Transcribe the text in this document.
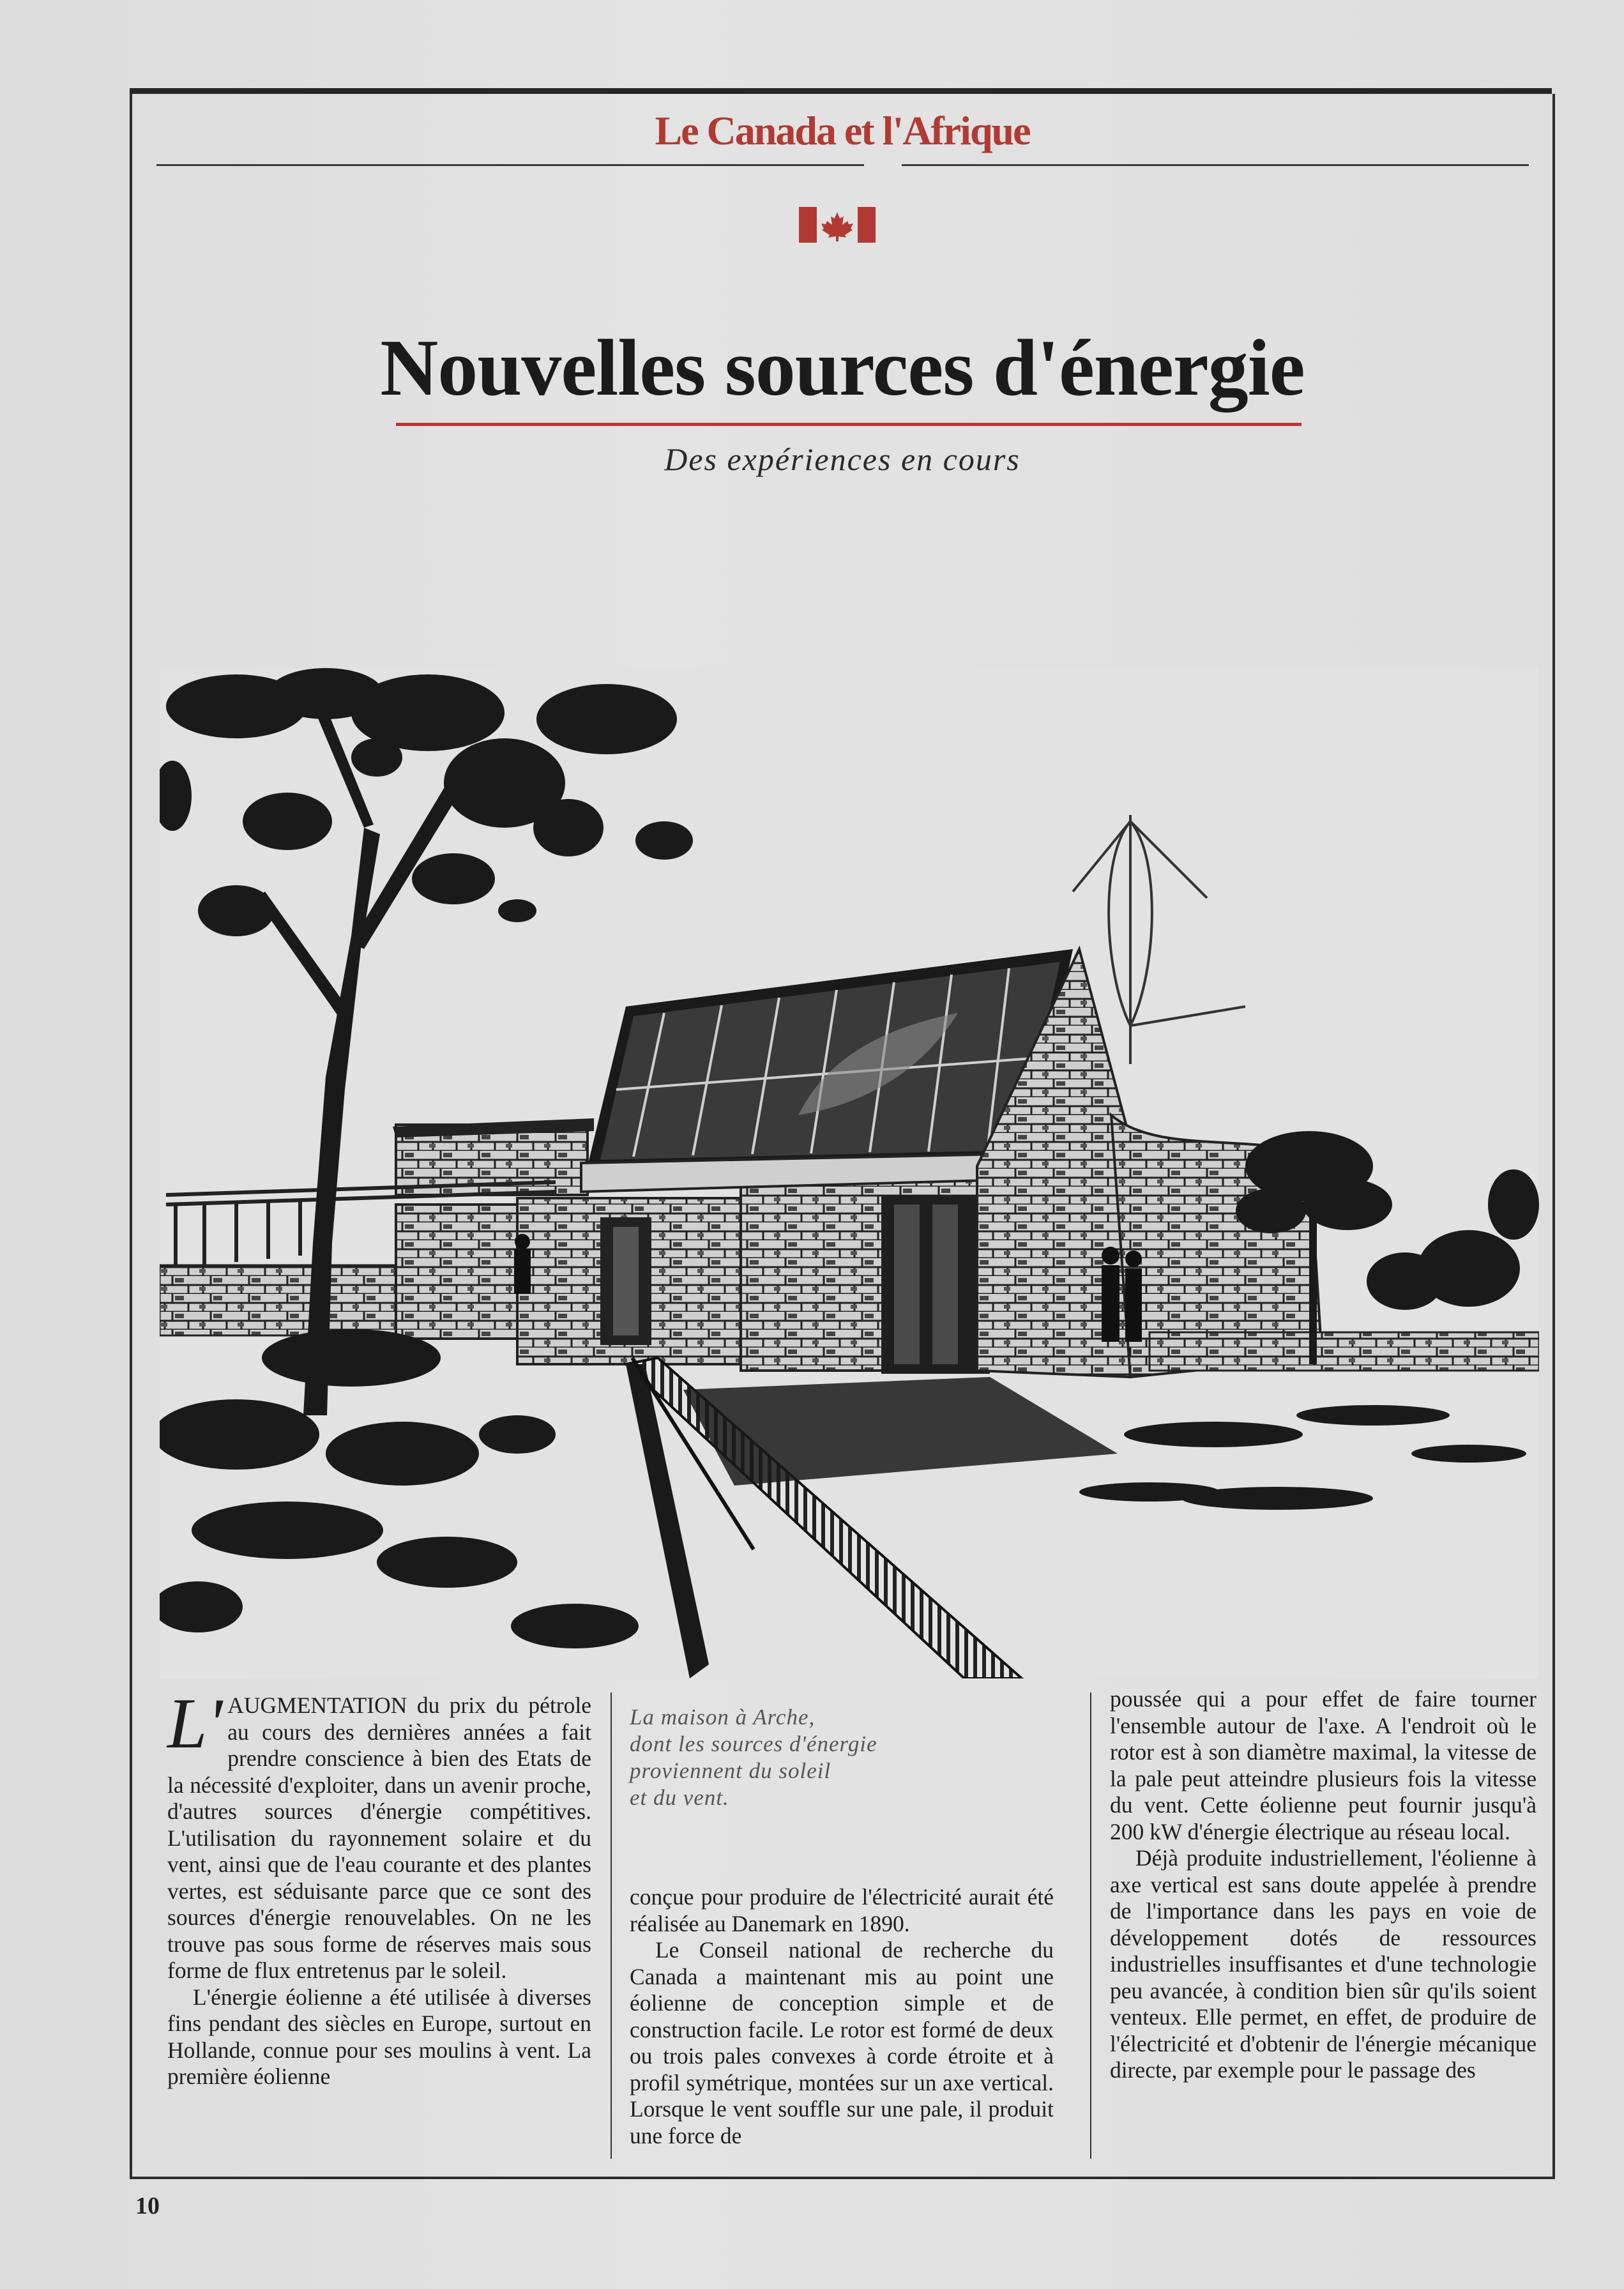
Le Canada et l'Afrique
Nouvelles sources d'énergie
Des expériences en cours

L' AUGMENTATION du prix du pétrole au cours des dernières années a fait prendre conscience à bien des Etats de la nécessité d'exploiter, dans un avenir proche, d'autres sources d'énergie compétitives. L'utilisation du rayonnement solaire et du vent, ainsi que de l'eau courante et des plantes vertes, est séduisante parce que ce sont des sources d'énergie renouvelables. On ne les trouve pas sous forme de réserves mais sous forme de flux entretenus par le soleil.

L'énergie éolienne a été utilisée à diverses fins pendant des siècles en Europe, surtout en Hollande, connue pour ses moulins à vent. La première éolienne

La maison à Arche,
dont les sources d'énergie
proviennent du soleil
et du vent.

conçue pour produire de l'électricité aurait été réalisée au Danemark en 1890.

Le Conseil national de recherche du Canada a maintenant mis au point une éolienne de conception simple et de construction facile. Le rotor est formé de deux ou trois pales convexes à corde étroite et à profil symétrique, montées sur un axe vertical. Lorsque le vent souffle sur une pale, il produit une force de

poussée qui a pour effet de faire tourner l'ensemble autour de l'axe. A l'endroit où le rotor est à son diamètre maximal, la vitesse de la pale peut atteindre plusieurs fois la vitesse du vent. Cette éolienne peut fournir jusqu'à 200 kW d'énergie électrique au réseau local.

Déjà produite industriellement, l'éolienne à axe vertical est sans doute appelée à prendre de l'importance dans les pays en voie de développement dotés de ressources industrielles insuffisantes et d'une technologie peu avancée, à condition bien sûr qu'ils soient venteux. Elle permet, en effet, de produire de l'électricité et d'obtenir de l'énergie mécanique directe, par exemple pour le passage des

10
